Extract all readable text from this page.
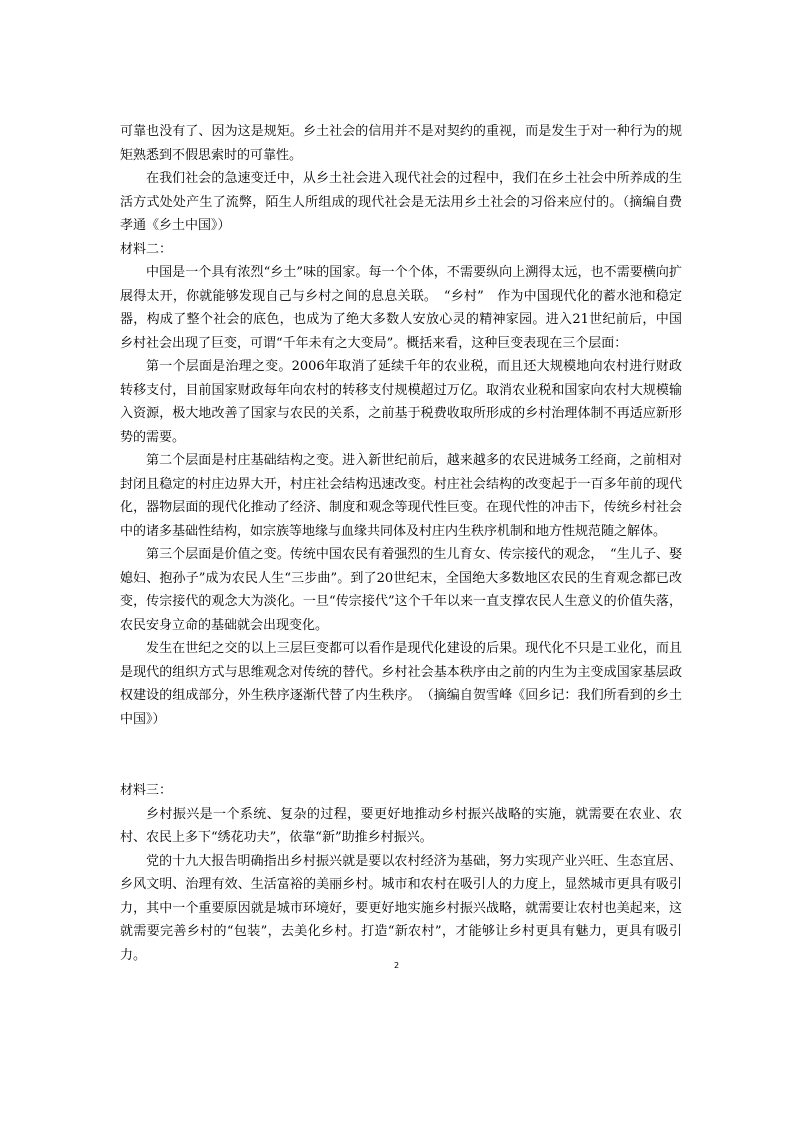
可靠也没有了、因为这是规矩。乡土社会的信用并不是对契约的重视，而是发生于对一种行为的规矩熟悉到不假思索时的可靠性。

在我们社会的急速变迁中，从乡土社会进入现代社会的过程中，我们在乡土社会中所养成的生活方式处处产生了流弊，陌生人所组成的现代社会是无法用乡土社会的习俗来应付的。（摘编自费孝通《乡土中国》）

材料二：

中国是一个具有浓烈“乡土”味的国家。每一个个体，不需要纵向上溯得太远，也不需要横向扩展得太开，你就能够发现自己与乡村之间的息息关联。　“乡村”　作为中国现代化的蓄水池和稳定器，构成了整个社会的底色，也成为了绝大多数人安放心灵的精神家园。进入21世纪前后，中国乡村社会出现了巨变，可谓“千年未有之大变局”。概括来看，这种巨变表现在三个层面：

第一个层面是治理之变。2006年取消了延续千年的农业税，而且还大规模地向农村进行财政转移支付，目前国家财政每年向农村的转移支付规模超过万亿。取消农业税和国家向农村大规模输入资源，极大地改善了国家与农民的关系，之前基于税费收取所形成的乡村治理体制不再适应新形势的需要。

第二个层面是村庄基础结构之变。进入新世纪前后，越来越多的农民进城务工经商，之前相对封闭且稳定的村庄边界大开，村庄社会结构迅速改变。村庄社会结构的改变起于一百多年前的现代化，器物层面的现代化推动了经济、制度和观念等现代性巨变。在现代性的冲击下，传统乡村社会中的诸多基础性结构，如宗族等地缘与血缘共同体及村庄内生秩序机制和地方性规范随之解体。

第三个层面是价值之变。传统中国农民有着强烈的生儿育女、传宗接代的观念，　“生儿子、娶媳妇、抱孙子”成为农民人生“三步曲”。到了20世纪末，全国绝大多数地区农民的生育观念都已改变，传宗接代的观念大为淡化。一旦“传宗接代”这个千年以来一直支撑农民人生意义的价值失落，农民安身立命的基础就会出现变化。

发生在世纪之交的以上三层巨变都可以看作是现代化建设的后果。现代化不只是工业化，而且是现代的组织方式与思维观念对传统的替代。乡村社会基本秩序由之前的内生为主变成国家基层政权建设的组成部分，外生秩序逐渐代替了内生秩序。　（摘编自贺雪峰《回乡记：我们所看到的乡土中国》）

材料三：

乡村振兴是一个系统、复杂的过程，要更好地推动乡村振兴战略的实施，就需要在农业、农村、农民上多下“绣花功夫”，依靠“新”助推乡村振兴。

党的十九大报告明确指出乡村振兴就是要以农村经济为基础，努力实现产业兴旺、生态宜居、乡风文明、治理有效、生活富裕的美丽乡村。城市和农村在吸引人的力度上，显然城市更具有吸引力，其中一个重要原因就是城市环境好，要更好地实施乡村振兴战略，就需要让农村也美起来，这就需要完善乡村的“包装”，去美化乡村。打造“新农村”，才能够让乡村更具有魅力，更具有吸引力。

2
